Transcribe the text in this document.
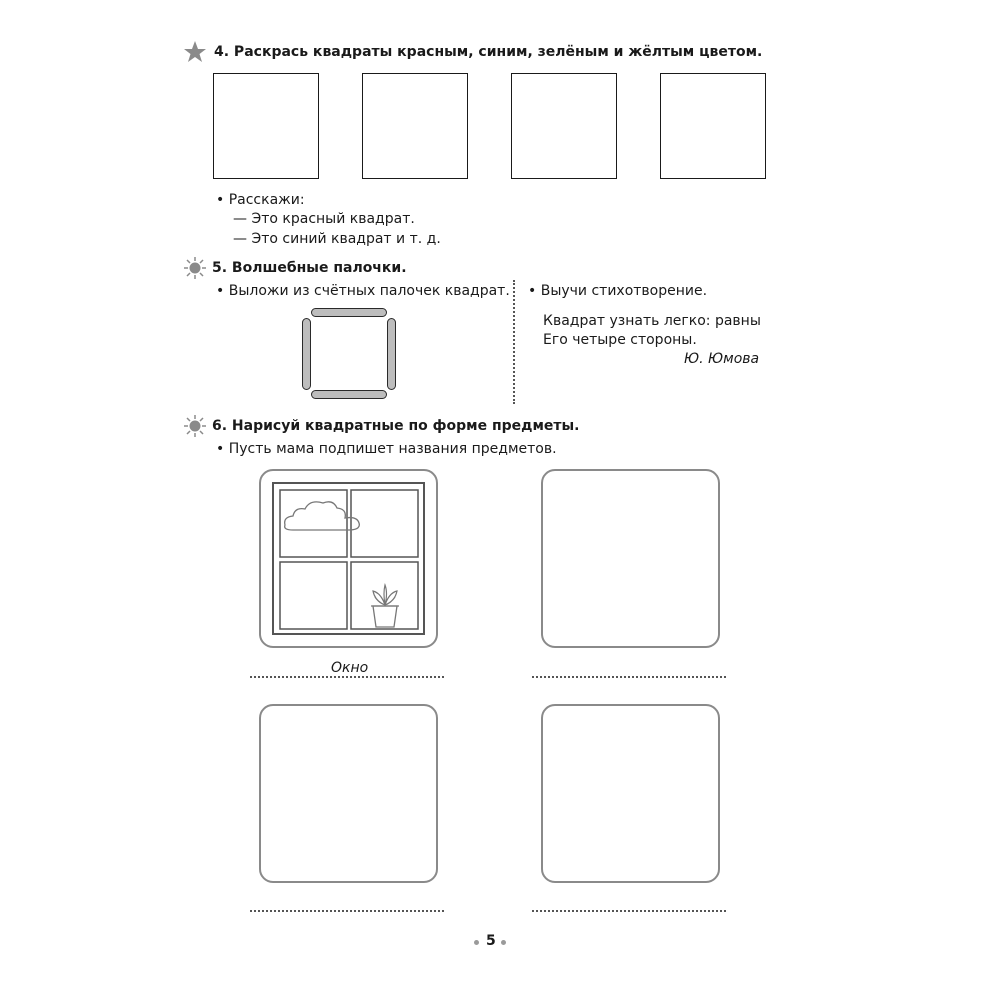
4. Раскрась квадраты красным, синим, зелёным и жёлтым цветом.
• Расскажи:
— Это красный квадрат.
— Это синий квадрат и т. д.
5. Волшебные палочки.
• Выложи из счётных палочек квадрат. • Выучи стихотворение.
Квадрат узнать легко: равны
Его четыре стороны.
Ю. Юмова
6. Нарисуй квадратные по форме предметы.
• Пусть мама подпишет названия предметов.
Окно
5
